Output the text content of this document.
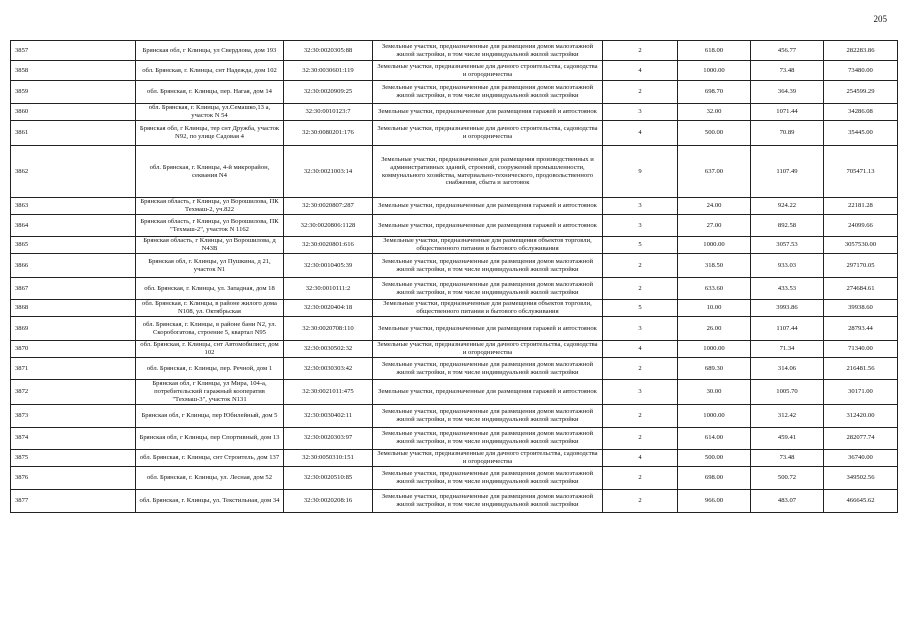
205
3857	Брянская обл, г Клинцы, ул Свердлова, дом 193	32:30:0020305:88	Земельные участки, предназначенные для размещения домов малоэтажной жилой застройки, в том числе индивидуальной жилой застройки	2	618.00	456.77	282283.86
3858	обл. Брянская, г. Клинцы, снт Надежда, дом 102	32:30:0030601:119	Земельные участки, предназначенные для дачного строительства, садоводства и огородничества	4	1000.00	73.48	73480.00
3859	обл. Брянская, г. Клинцы, пер. Нагая, дом 14	32:30:0020909:25	Земельные участки, предназначенные для размещения домов малоэтажной жилой застройки, в том числе индивидуальной жилой застройки	2	698.70	364.39	254599.29
3860	обл. Брянская, г. Клинцы, ул.Семашко,13 а, участок N 54	32:30:0010123:7	Земельные участки, предназначенные для размещения гаражей и автостоянок	3	32.00	1071.44	34286.08
3861	Брянская обл, г Клинцы, тер снт Дружба, участок N92, по улице Садовая 4	32:30:0080201:176	Земельные участки, предназначенные для дачного строительства, садоводства и огородничества	4	500.00	70.89	35445.00
3862	обл. Брянская, г. Клинцы, 4-й микрорайон, секвания N4	32:30:0021003:14	Земельные участки, предназначенные для размещения производственных и административных зданий, строений, сооружений промышленности, коммунального хозяйства, материально-технического, продовольственного снабжения, сбыта и заготовок	9	637.00	1107.49	705471.13
3863	Брянская область, г Клинцы, ул Ворошилова, ПК Техмаш-2, уч.822	32:30:0020807:287	Земельные участки, предназначенные для размещения гаражей и автостоянок	3	24.00	924.22	22181.28
3864	Брянская область, г Клинцы, ул Ворошилова, ПК "Техмаш-2", участок N 1162	32:30:0020806:1128	Земельные участки, предназначенные для размещения гаражей и автостоянок	3	27.00	892.58	24099.66
3865	Брянская область, г Клинцы, ул Ворошилова, д N43В	32:30:0020801:616	Земельные участки, предназначенные для размещения объектов торговли, общественного питания и бытового обслуживания	5	1000.00	3057.53	3057530.00
3866	Брянская обл, г. Клинцы, ул Пушкина, д 21, участок N1	32:30:0010405:39	Земельные участки, предназначенные для размещения домов малоэтажной жилой застройки, в том числе индивидуальной жилой застройки	2	318.50	933.03	297170.05
3867	обл. Брянская, г. Клинцы, ул. Западная, дом 18	32:30:0010111:2	Земельные участки, предназначенные для размещения домов малоэтажной жилой застройки, в том числе индивидуальной жилой застройки	2	633.60	433.53	274684.61
3868	обл. Брянская, г. Клинцы, в районе жилого дома N108, ул. Октябрьская	32:30:0020404:18	Земельные участки, предназначенные для размещения объектов торговли, общественного питания и бытового обслуживания	5	10.00	3993.86	39938.60
3869	обл. Брянская, г. Клинцы, в районе бани N2, ул. Скоробогатова, строение 5, квартал N95	32:30:0020708:110	Земельные участки, предназначенные для размещения гаражей и автостоянок	3	26.00	1107.44	28793.44
3870	обл. Брянская, г. Клинцы, снт Автомобилист, дом 102	32:30:0030502:32	Земельные участки, предназначенные для дачного строительства, садоводства и огородничества	4	1000.00	71.34	71340.00
3871	обл. Брянская, г. Клинцы, пер. Речной, дом 1	32:30:0030303:42	Земельные участки, предназначенные для размещения домов малоэтажной жилой застройки, в том числе индивидуальной жилой застройки	2	689.30	314.06	216481.56
3872	Брянская обл, г Клинцы, ул Мира, 104-а, потребительский гаражный кооператив "Техмаш-3", участок N131	32:30:0021011:475	Земельные участки, предназначенные для размещения гаражей и автостоянок	3	30.00	1005.70	30171.00
3873	Брянская обл, г Клинцы, пер Юбилейный, дом 5	32:30:0030402:11	Земельные участки, предназначенные для размещения домов малоэтажной жилой застройки, в том числе индивидуальной жилой застройки	2	1000.00	312.42	312420.00
3874	Брянская обл, г Клинцы, пер Спортивный, дом 13	32:30:0020303:97	Земельные участки, предназначенные для размещения домов малоэтажной жилой застройки, в том числе индивидуальной жилой застройки	2	614.00	459.41	282077.74
3875	обл. Брянская, г. Клинцы, снт Строитель, дом 137	32:30:0050310:151	Земельные участки, предназначенные для дачного строительства, садоводства и огородничества	4	500.00	73.48	36740.00
3876	обл. Брянская, г. Клинцы, ул. Лесная, дом 52	32:30:0020510:85	Земельные участки, предназначенные для размещения домов малоэтажной жилой застройки, в том числе индивидуальной жилой застройки	2	698.00	500.72	349502.56
3877	обл. Брянская, г. Клинцы, ул. Текстильная, дом 34	32:30:0020208:16	Земельные участки, предназначенные для размещения домов малоэтажной жилой застройки, в том числе индивидуальной жилой застройки	2	966.00	483.07	466645.62
